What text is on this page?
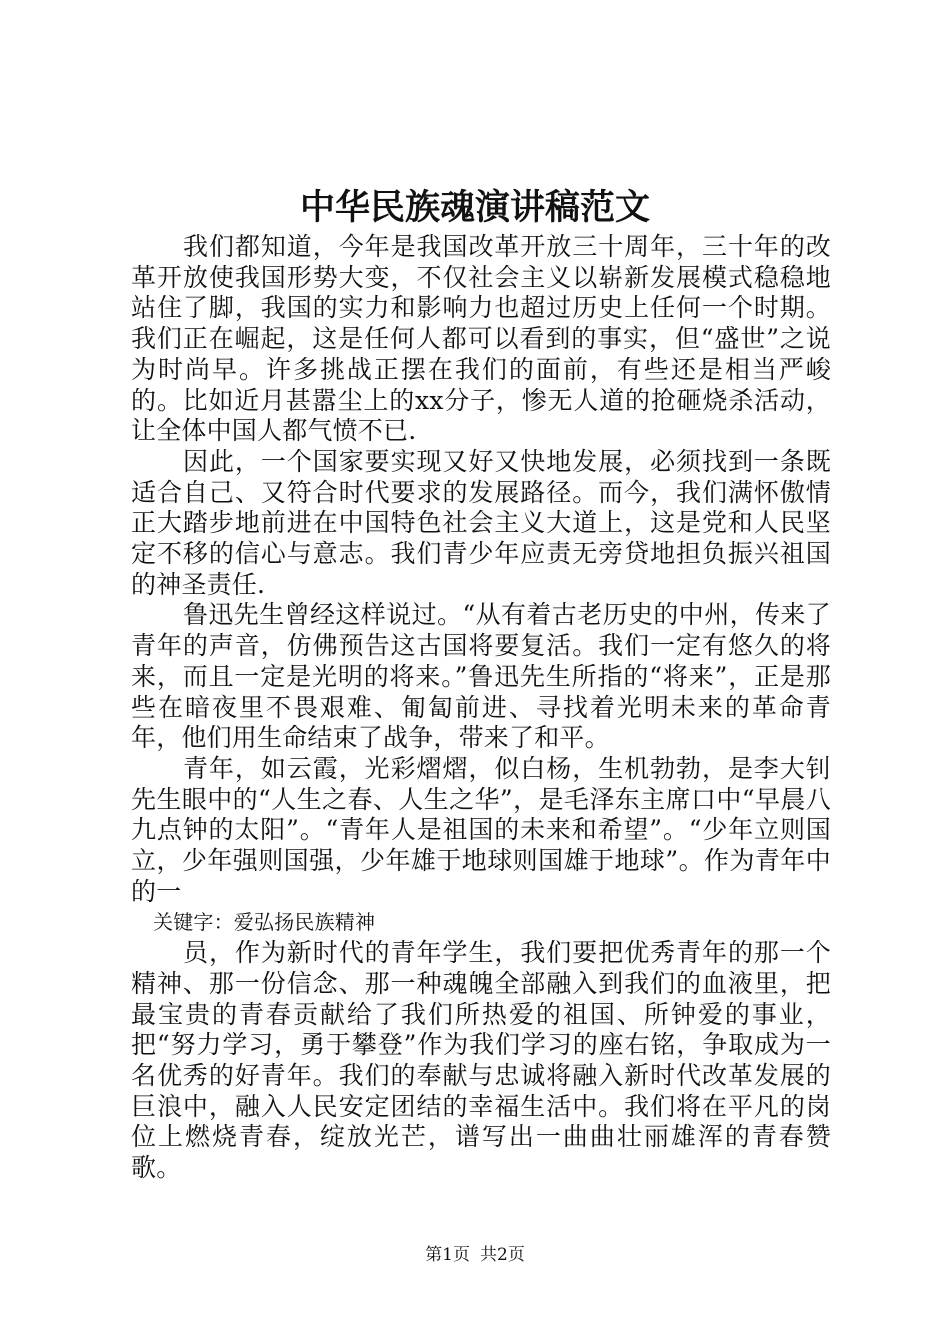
中华民族魂演讲稿范文

我们都知道，今年是我国改革开放三十周年，三十年的改革开放使我国形势大变，不仅社会主义以崭新发展模式稳稳地站住了脚，我国的实力和影响力也超过历史上任何一个时期。我们正在崛起，这是任何人都可以看到的事实，但“盛世”之说为时尚早。许多挑战正摆在我们的面前，有些还是相当严峻的。比如近月甚嚣尘上的xx分子，惨无人道的抢砸烧杀活动，让全体中国人都气愤不已.

因此，一个国家要实现又好又快地发展，必须找到一条既适合自己、又符合时代要求的发展路径。而今，我们满怀傲情正大踏步地前进在中国特色社会主义大道上，这是党和人民坚定不移的信心与意志。我们青少年应责无旁贷地担负振兴祖国的神圣责任.

鲁迅先生曾经这样说过。“从有着古老历史的中州，传来了青年的声音，仿佛预告这古国将要复活。我们一定有悠久的将来，而且一定是光明的将来。”鲁迅先生所指的“将来”，正是那些在暗夜里不畏艰难、匍匐前进、寻找着光明未来的革命青年，他们用生命结束了战争，带来了和平。

青年，如云霞，光彩熠熠，似白杨，生机勃勃，是李大钊先生眼中的“人生之春、人生之华”，是毛泽东主席口中“早晨八九点钟的太阳”。“青年人是祖国的未来和希望”。“少年立则国立，少年强则国强，少年雄于地球则国雄于地球”。作为青年中的一

关键字：爱弘扬民族精神

员，作为新时代的青年学生，我们要把优秀青年的那一个精神、那一份信念、那一种魂魄全部融入到我们的血液里，把最宝贵的青春贡献给了我们所热爱的祖国、所钟爱的事业，把“努力学习，勇于攀登”作为我们学习的座右铭，争取成为一名优秀的好青年。我们的奉献与忠诚将融入新时代改革发展的巨浪中，融入人民安定团结的幸福生活中。我们将在平凡的岗位上燃烧青春，绽放光芒，谱写出一曲曲壮丽雄浑的青春赞歌。

第1页 共2页
